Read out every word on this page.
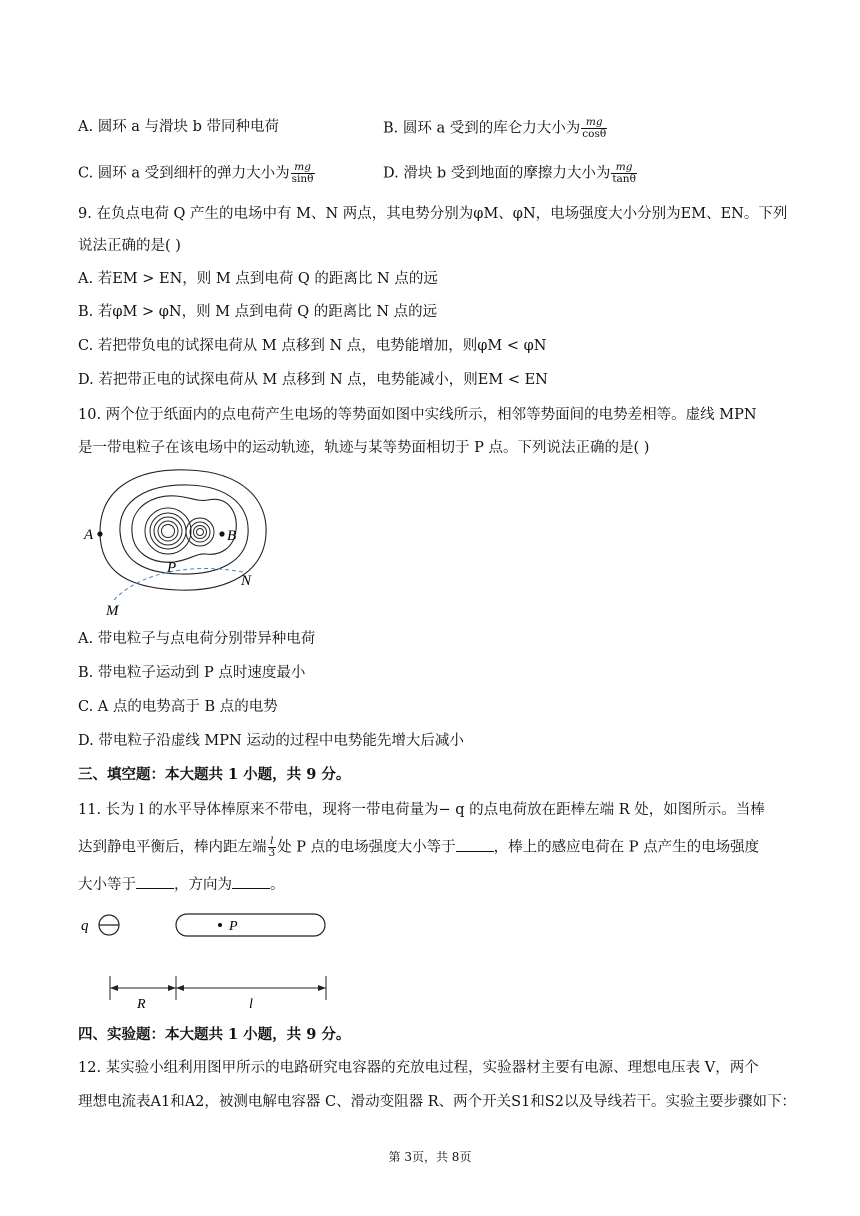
A. 圆环 a 与滑块 b 带同种电荷	B. 圆环 a 受到的库仑力大小为 $\frac{mg}{\cos\theta}$
C. 圆环 a 受到细杆的弹力大小为 $\frac{mg}{\sin\theta}$	D. 滑块 b 受到地面的摩擦力大小为 $\frac{mg}{\tan\theta}$
9. 在负点电荷 Q 产生的电场中有 M、N 两点，其电势分别为φM、φN，电场强度大小分别为EM、EN。下列
说法正确的是( )
A. 若EM > EN，则 M 点到电荷 Q 的距离比 N 点的远
B. 若φM > φN，则 M 点到电荷 Q 的距离比 N 点的远
C. 若把带负电的试探电荷从 M 点移到 N 点，电势能增加，则φM < φN
D. 若把带正电的试探电荷从 M 点移到 N 点，电势能减小，则EM < EN
10. 两个位于纸面内的点电荷产生电场的等势面如图中实线所示，相邻等势面间的电势差相等。虚线 MPN
是一带电粒子在该电场中的运动轨迹，轨迹与某等势面相切于 P 点。下列说法正确的是( )
A	B
P
N
M
A. 带电粒子与点电荷分别带异种电荷
B. 带电粒子运动到 P 点时速度最小
C. A 点的电势高于 B 点的电势
D. 带电粒子沿虚线 MPN 运动的过程中电势能先增大后减小
三、填空题：本大题共 1 小题，共 9 分。
11. 长为 l 的水平导体棒原来不带电，现将一带电荷量为− q 的点电荷放在距棒左端 R 处，如图所示。当棒
达到静电平衡后，棒内距左端 $\frac{l}{3}$ 处 P 点的电场强度大小等于	，棒上的感应电荷在 P 点产生的电场强度
大小等于	，方向为	。
q	P
R	l
四、实验题：本大题共 1 小题，共 9 分。
12. 某实验小组利用图甲所示的电路研究电容器的充放电过程，实验器材主要有电源、理想电压表 V，两个
理想电流表A1和A2，被测电解电容器 C、滑动变阻器 R、两个开关S1和S2以及导线若干。实验主要步骤如下：
第 3页，共 8页
